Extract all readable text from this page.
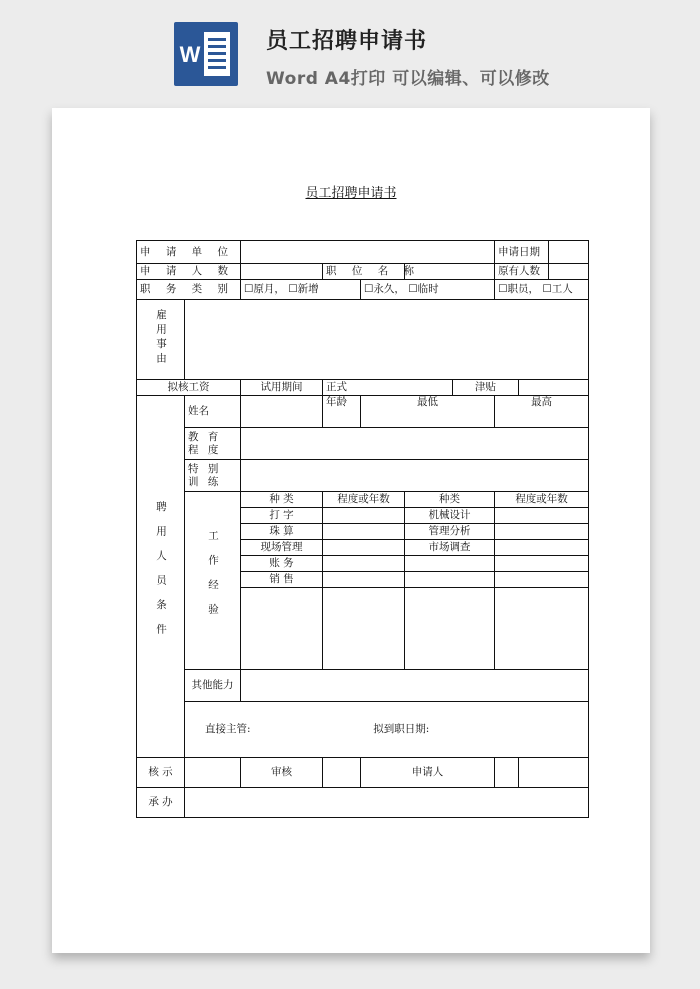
W
员工招聘申请书
Word A4打印 可以编辑、可以修改
员工招聘申请书
申 请 单 位							申请日期		
申 请 人 数			职 位 名 称				原有人数		
职 务 类 别		☐原月， ☐新增		☐永久， ☐临时			☐职员， ☐工人		
雇用事由									
拟核工资		试用期间	正式			津贴			
聘用人员条件	姓名		年龄	最低			最高		
	教 育 程 度								
	特 别 训 练								
	工作经验	种 类	程度或年数		种类		程度或年数		
		打 字			机械设计				
		珠 算			管理分析				
		现场管理			市场调查				
		账 务							
		销 售							

	其他能力								
	直接主管: 拟到职日期:								
核 示		审核		申请人					
承 办									
